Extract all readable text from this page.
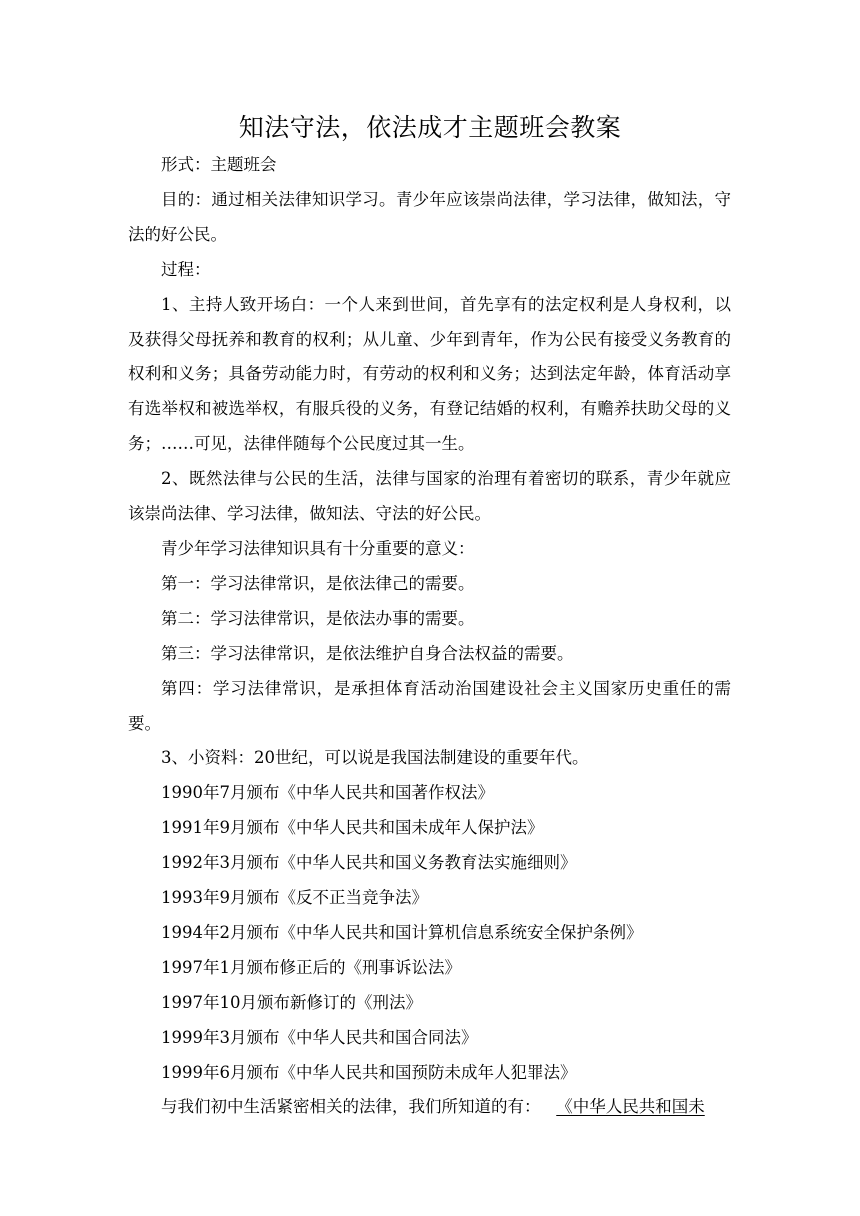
知法守法，依法成才主题班会教案

形式：主题班会

目的：通过相关法律知识学习。青少年应该崇尚法律，学习法律，做知法，守法的好公民。

过程：

1、主持人致开场白：一个人来到世间，首先享有的法定权利是人身权利，以及获得父母抚养和教育的权利；从儿童、少年到青年，作为公民有接受义务教育的权利和义务；具备劳动能力时，有劳动的权利和义务；达到法定年龄，体育活动享有选举权和被选举权，有服兵役的义务，有登记结婚的权利，有赡养扶助父母的义务；……可见，法律伴随每个公民度过其一生。

2、既然法律与公民的生活，法律与国家的治理有着密切的联系，青少年就应该崇尚法律、学习法律，做知法、守法的好公民。

青少年学习法律知识具有十分重要的意义：

第一：学习法律常识，是依法律己的需要。

第二：学习法律常识，是依法办事的需要。

第三：学习法律常识，是依法维护自身合法权益的需要。

第四：学习法律常识，是承担体育活动治国建设社会主义国家历史重任的需要。

3、小资料：20世纪，可以说是我国法制建设的重要年代。

1990年7月颁布《中华人民共和国著作权法》

1991年9月颁布《中华人民共和国未成年人保护法》

1992年3月颁布《中华人民共和国义务教育法实施细则》

1993年9月颁布《反不正当竞争法》

1994年2月颁布《中华人民共和国计算机信息系统安全保护条例》

1997年1月颁布修正后的《刑事诉讼法》

1997年10月颁布新修订的《刑法》

1999年3月颁布《中华人民共和国合同法》

1999年6月颁布《中华人民共和国预防未成年人犯罪法》

与我们初中生活紧密相关的法律，我们所知道的有： 《中华人民共和国未
